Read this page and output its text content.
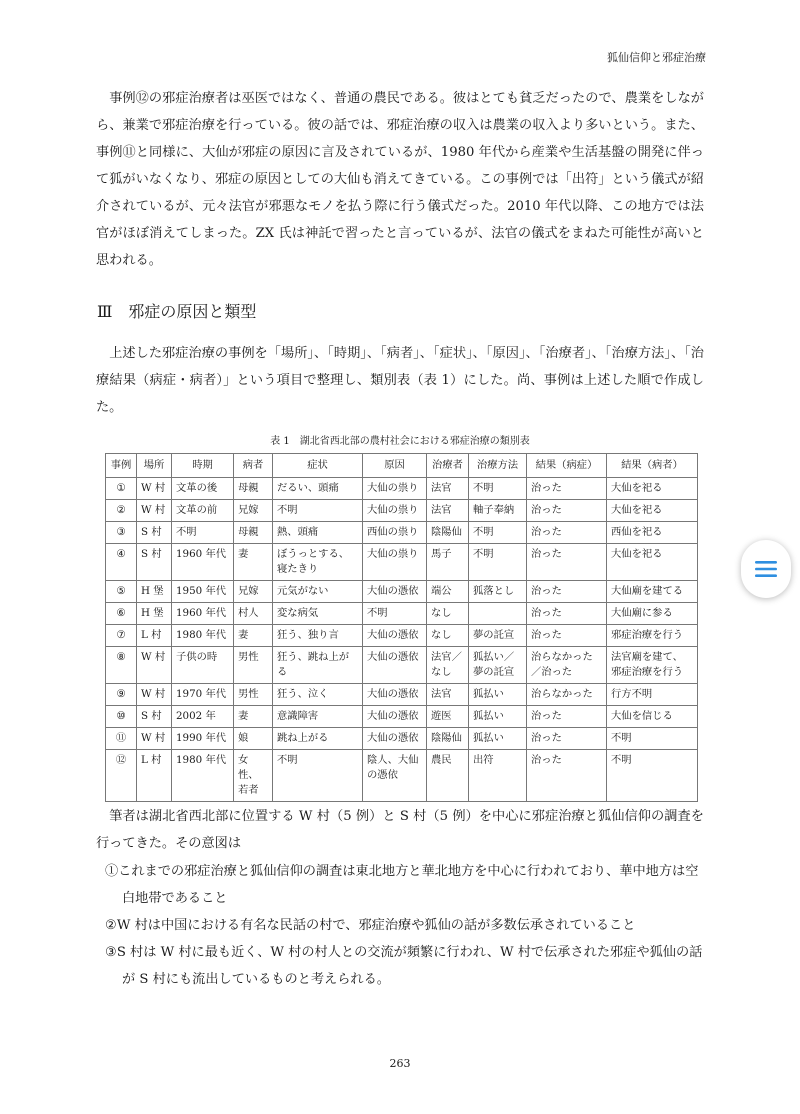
狐仙信仰と邪症治療

事例⑫の邪症治療者は巫医ではなく、普通の農民である。彼はとても貧乏だったので、農業をしながら、兼業で邪症治療を行っている。彼の話では、邪症治療の収入は農業の収入より多いという。また、事例⑪と同様に、大仙が邪症の原因に言及されているが、1980 年代から産業や生活基盤の開発に伴って狐がいなくなり、邪症の原因としての大仙も消えてきている。この事例では「出符」という儀式が紹介されているが、元々法官が邪悪なモノを払う際に行う儀式だった。2010 年代以降、この地方では法官がほぼ消えてしまった。ZX 氏は神託で習ったと言っているが、法官の儀式をまねた可能性が高いと思われる。

Ⅲ　邪症の原因と類型

上述した邪症治療の事例を「場所」、「時期」、「病者」、「症状」、「原因」、「治療者」、「治療方法」、「治療結果（病症・病者）」という項目で整理し、類別表（表 1）にした。尚、事例は上述した順で作成した。

表 1　湖北省西北部の農村社会における邪症治療の類別表
事例	場所	時期	病者	症状	原因	治療者	治療方法	結果（病症）	結果（病者）
①	W 村	文革の後	母親	だるい、頭痛	大仙の祟り	法官	不明	治った	大仙を祀る
②	W 村	文革の前	兄嫁	不明	大仙の祟り	法官	軸子奉納	治った	大仙を祀る
③	S 村	不明	母親	熱、頭痛	西仙の祟り	陰陽仙	不明	治った	西仙を祀る
④	S 村	1960 年代	妻	ぼうっとする、寝たきり	大仙の祟り	馬子	不明	治った	大仙を祀る
⑤	H 堡	1950 年代	兄嫁	元気がない	大仙の憑依	端公	狐落とし	治った	大仙廟を建てる
⑥	H 堡	1960 年代	村人	変な病気	不明	なし		治った	大仙廟に参る
⑦	L 村	1980 年代	妻	狂う、独り言	大仙の憑依	なし	夢の託宣	治った	邪症治療を行う
⑧	W 村	子供の時	男性	狂う、跳ね上がる	大仙の憑依	法官／なし	狐払い／夢の託宣	治らなかった／治った	法官廟を建て、邪症治療を行う
⑨	W 村	1970 年代	男性	狂う、泣く	大仙の憑依	法官	狐払い	治らなかった	行方不明
⑩	S 村	2002 年	妻	意識障害	大仙の憑依	遊医	狐払い	治った	大仙を信じる
⑪	W 村	1990 年代	娘	跳ね上がる	大仙の憑依	陰陽仙	狐払い	治った	不明
⑫	L 村	1980 年代	女性、若者	不明	陰人、大仙の憑依	農民	出符	治った	不明

筆者は湖北省西北部に位置する W 村（5 例）と S 村（5 例）を中心に邪症治療と狐仙信仰の調査を行ってきた。その意図は

①これまでの邪症治療と狐仙信仰の調査は東北地方と華北地方を中心に行われており、華中地方は空白地帯であること
②W 村は中国における有名な民話の村で、邪症治療や狐仙の話が多数伝承されていること
③S 村は W 村に最も近く、W 村の村人との交流が頻繁に行われ、W 村で伝承された邪症や狐仙の話が S 村にも流出しているものと考えられる。
263
